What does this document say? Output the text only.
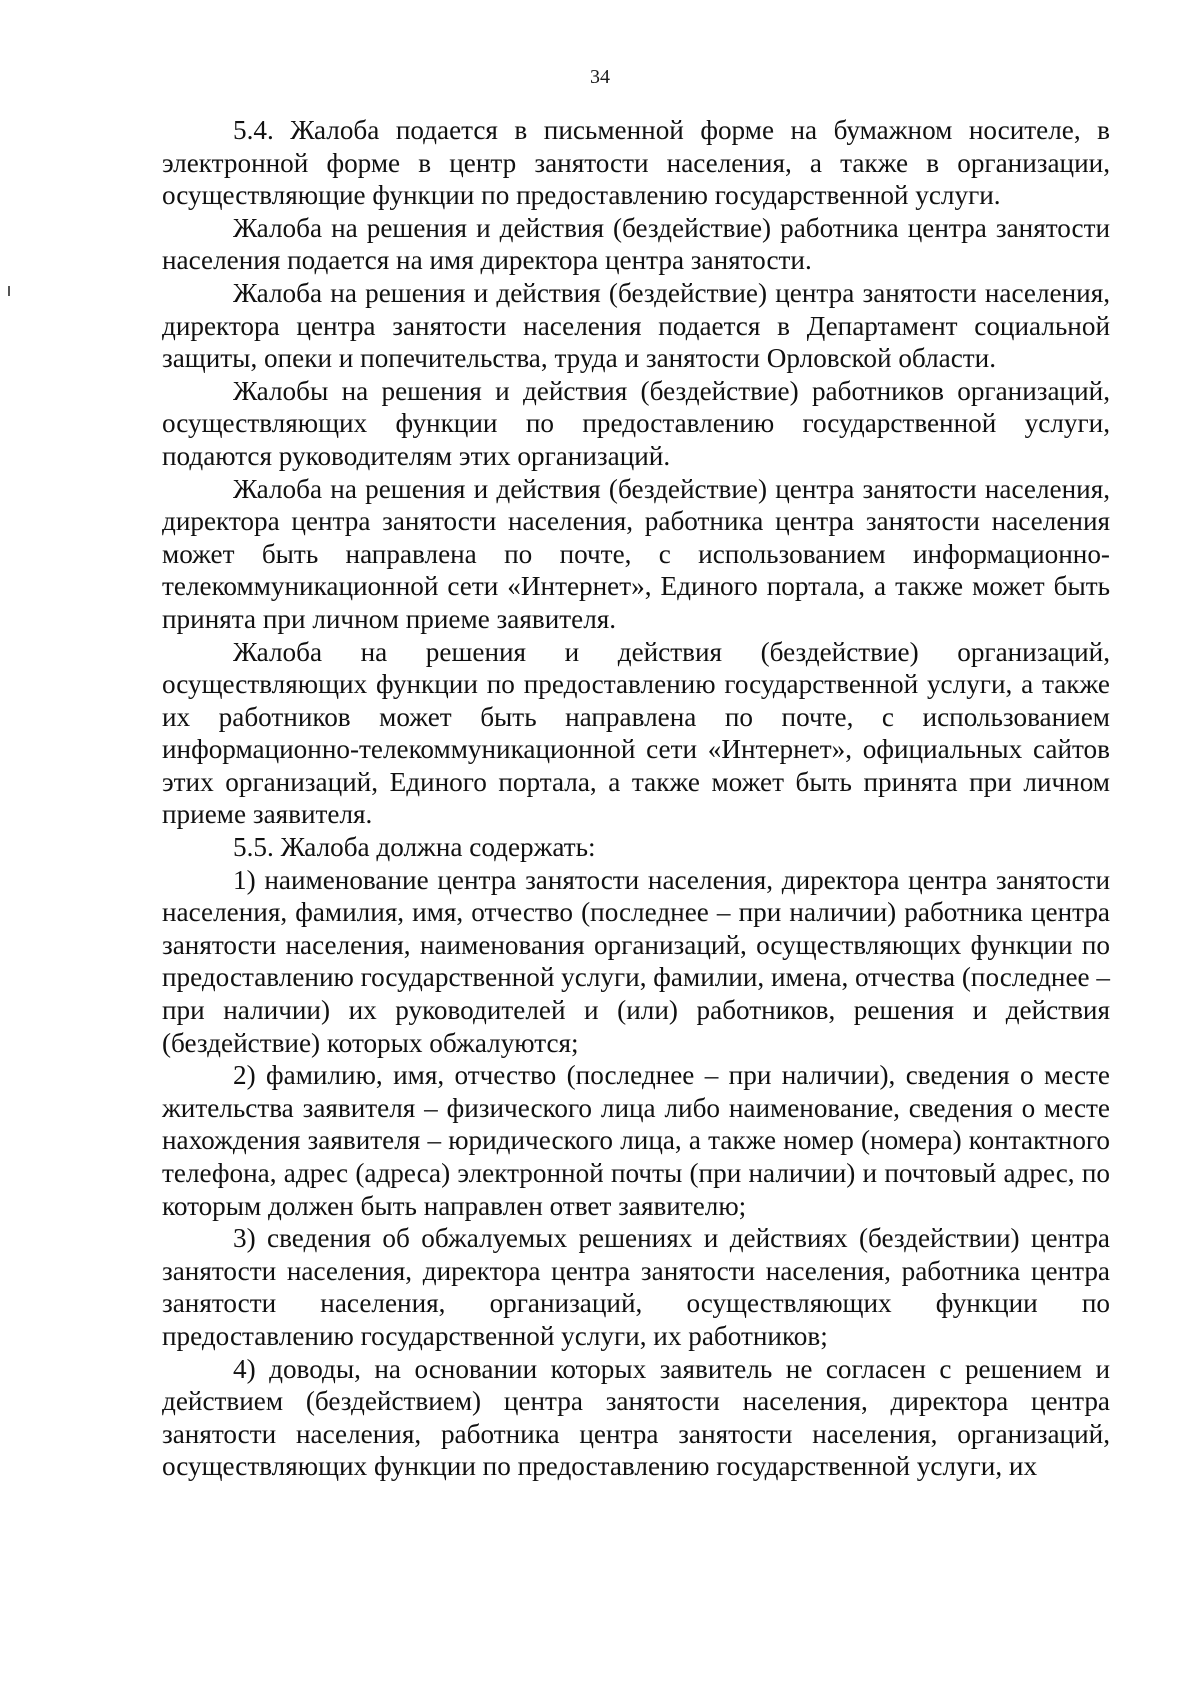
34

5.4. Жалоба подается в письменной форме на бумажном носителе, в электронной форме в центр занятости населения, а также в организации, осуществляющие функции по предоставлению государственной услуги.

Жалоба на решения и действия (бездействие) работника центра занятости населения подается на имя директора центра занятости.

Жалоба на решения и действия (бездействие) центра занятости населения, директора центра занятости населения подается в Департамент социальной защиты, опеки и попечительства, труда и занятости Орловской области.

Жалобы на решения и действия (бездействие) работников организаций, осуществляющих функции по предоставлению государственной услуги, подаются руководителям этих организаций.

Жалоба на решения и действия (бездействие) центра занятости населения, директора центра занятости населения, работника центра занятости населения может быть направлена по почте, с использованием информационно-телекоммуникационной сети «Интернет», Единого портала, а также может быть принята при личном приеме заявителя.

Жалоба на решения и действия (бездействие) организаций, осуществляющих функции по предоставлению государственной услуги, а также их работников может быть направлена по почте, с использованием информационно-телекоммуникационной сети «Интернет», официальных сайтов этих организаций, Единого портала, а также может быть принята при личном приеме заявителя.

5.5. Жалоба должна содержать:

1) наименование центра занятости населения, директора центра занятости населения, фамилия, имя, отчество (последнее – при наличии) работника центра занятости населения, наименования организаций, осуществляющих функции по предоставлению государственной услуги, фамилии, имена, отчества (последнее – при наличии) их руководителей и (или) работников, решения и действия (бездействие) которых обжалуются;

2) фамилию, имя, отчество (последнее – при наличии), сведения о месте жительства заявителя – физического лица либо наименование, сведения о месте нахождения заявителя – юридического лица, а также номер (номера) контактного телефона, адрес (адреса) электронной почты (при наличии) и почтовый адрес, по которым должен быть направлен ответ заявителю;

3) сведения об обжалуемых решениях и действиях (бездействии) центра занятости населения, директора центра занятости населения, работника центра занятости населения, организаций, осуществляющих функции по предоставлению государственной услуги, их работников;

4) доводы, на основании которых заявитель не согласен с решением и действием (бездействием) центра занятости населения, директора центра занятости населения, работника центра занятости населения, организаций, осуществляющих функции по предоставлению государственной услуги, их
